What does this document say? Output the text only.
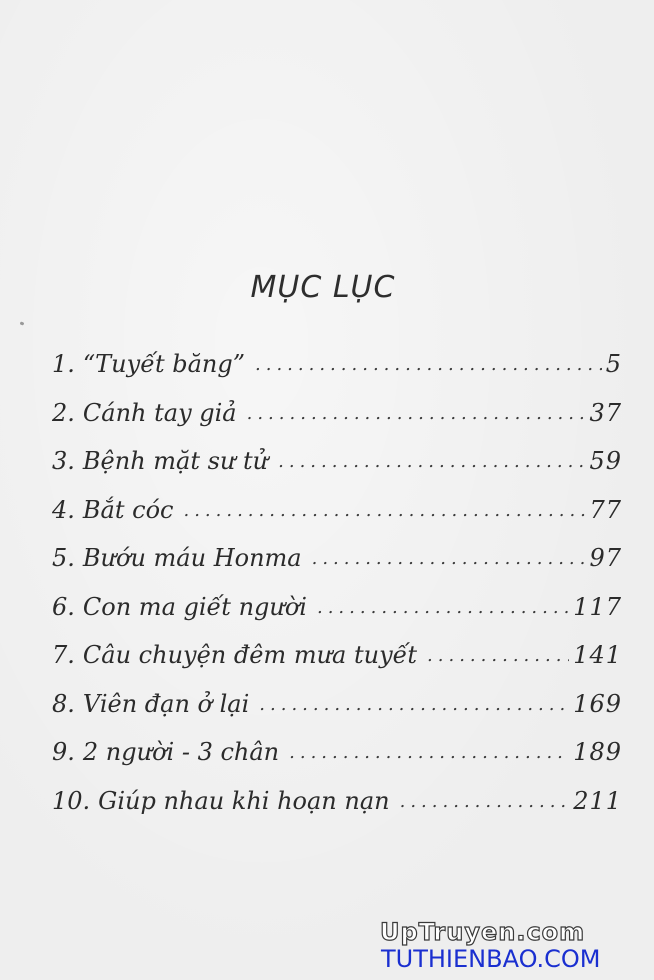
MỤC LỤC
1. “Tuyết băng” .....	5
2. Cánh tay giả .....	37
3. Bệnh mặt sư tử .....	59
4. Bắt cóc .....	77
5. Bướu máu Honma .....	97
6. Con ma giết người .....	117
7. Câu chuyện đêm mưa tuyết .....	141
8. Viên đạn ở lại .....	169
9. 2 người - 3 chân .....	189
10. Giúp nhau khi hoạn nạn .....	211
UpTruyen.com
TUTHIENBAO.COM
